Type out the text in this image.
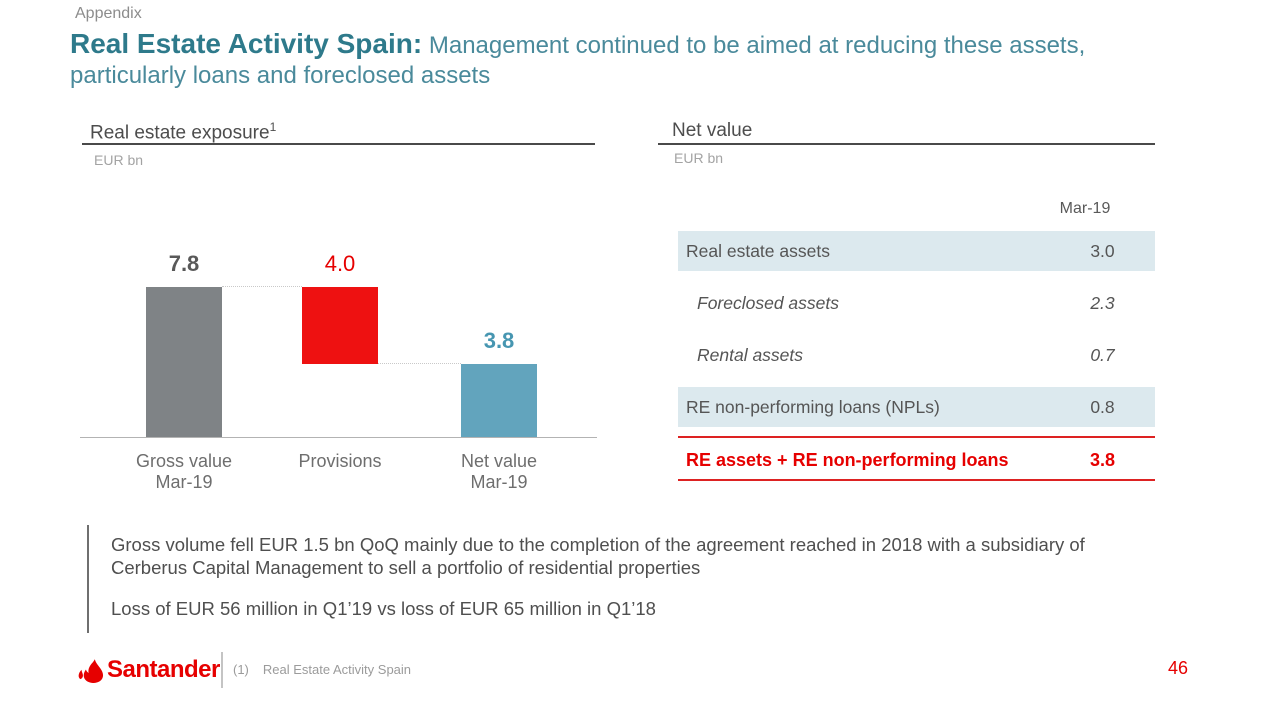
Appendix
Real Estate Activity Spain: Management continued to be aimed at reducing these assets,
particularly loans and foreclosed assets
Real estate exposure$^1$
EUR bn
7.8
Gross value
Mar-19
4.0
Provisions
3.8
Net value
Mar-19
Net value
EUR bn
Mar-19
Real estate assets	3.0
Foreclosed assets	2.3
Rental assets	0.7
RE non-performing loans (NPLs)	0.8
RE assets + RE non-performing loans	3.8
Gross volume fell EUR 1.5 bn QoQ mainly due to the completion of the agreement reached in 2018 with a subsidiary of
Cerberus Capital Management to sell a portfolio of residential properties
Loss of EUR 56 million in Q1’19 vs loss of EUR 65 million in Q1’18
Santander (1) Real Estate Activity Spain	46
